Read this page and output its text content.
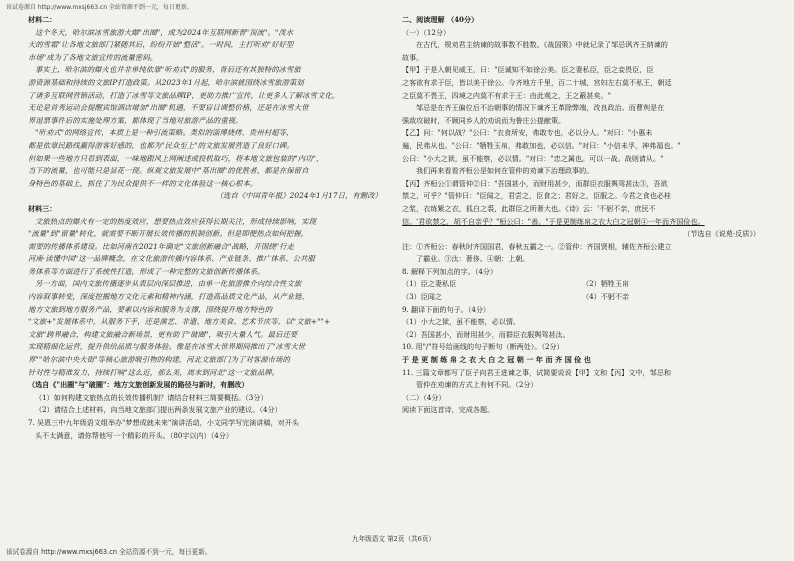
该试卷源自 http://www.mxsj663.cn 全站资源不到一元，每日更新。
材料二：
这个冬天，哈尔滨冰雪旅游大爆"出圈"，成为2024年互联网新晋"顶流"。"泼水
天的雪霜"让各地文旅部门紧随其后，纷纷开始"整活"。一时间，主打听劝"好好型
市场"成为了各地文旅宣传的流量密码。
事实上，哈尔滨的爆火也并非单纯依靠"听劝式"的服务，背后还有其独特的冰雪旅
游资源基础和持续的文旅IP打造政策。从2023年1月起，哈尔滨就围绕冰雪旅游策划
了诸多互联网营销活动，打造了冰雪等文旅品牌IP，更助力推广宣传，让更多人了解冰雪文化。
无论是首秀运动会提醒宾馆酒店增加"出圈"机遇，不要盲目调整价格，还是在冰雪大世
界退票事件后的实施处理方案，都体现了当地对旅游产品的重视。
"听劝式"的网络宣传，本质上是一种引流策略。类似的淄博烧烤、贵州村超等，
都是依靠民路线赢得游客好感的，也都为"民众至上"的文旅发展营造了良好口碑。
但如果一些地方只看到表面，一味地跟风上网阐述或投机取巧，将本地文旅包装的"内功"，
当下的流量，也可能只是昙花一现。纵观文旅发展中"基出圈"的优胜者，都是在保留自
身特色的基础上，抓住了为民众提供不一样的文化体验这一核心根本。
（选自《中国青年报》2024年1月17日，有删改）
材料三：
文旅热点的爆火有一定的热度效应，想要热点效应获得长期关注，形成持续影响，实现
"流量"到"留量"转化，就需要不断开展长效传播的机制创新。但是即便热点如何把握，
需要的传播体系建设。比如河南在2021年确定"文旅创新融合"战略，开围绕"行走
河南·读懂中国"这一品牌概念，在文化旅游传播内容体系、产业链条、推广体系、公共服
务体系等方面进行了系统性打造，形成了一种完整的文旅创新传播体系。
另一方面，国内文旅传播逐步从表层向深层推进，由单一化旅游推介向综合性文旅
内容叙事转变，深度挖掘地方文化元素和精神内涵，打造高品质文化产品，从产业链、
地方文旅到地方服务产品，要素以内容和服务为支撑，围绕提升地方特色的
"文旅+"发展体系中，从服务下手，还是演艺、非遗、地方美食、艺术节庆等，以"文旅+""+
文旅"跨界融合，构建文旅融合新场景，更有助于"破圈"，吸引大量人气。最后还要
实现精细化运营，提升供给品质与服务体验。像是在冰雪大世界期间推出了"冰雪大世
界""哈尔滨中央大街"等核心旅游吸引物的构建，河北文旅部门为了对客源市场的
针对性与精准发力，持续打响"这么近，那么美，周末到河北"这一文旅品牌。
（选自《"出圈"与"破圈"：地方文旅创新发展的路径与新时，有删改）
（1）如何构建文旅热点的长效传播机制？请结合材料三简要概括。（3分）
（2）请结合上述材料，向当地文旅部门提出两条发展文旅产业的建议。（4分）
7. 吴恩三中九年级语文组举办"梦想成就未来"演讲活动，小文同学写完演讲稿，对开头
头不太满意，请你帮他写一个精彩的开头。（80字以内）（4分）
二、阅读理解 （40分）
（一）（12分）
在古代，规劝君主纳谏的故事数不胜数。《战国策》中就记录了邹忌讽齐王纳谏的
故事。
【甲】于是入朝见威王，曰："臣诚知不如徐公美。臣之妻私臣，臣之妾畏臣，臣
之客欲有求于臣，皆以美于徐公。今齐地方千里，百二十城，宫妇左右莫不私王，朝廷
之臣莫不畏王，四境之内莫不有求于王：由此观之，王之蔽甚矣。"
邹忌是在齐王偏位后不治朝事的情况下谏齐王革除弊端，改良政治。而曹刿是在
强敌攻破时，不顾同乡人的劝说而为鲁庄公提献策。
【乙】问："何以战？"公曰："衣食所安，弗敢专也，必以分人。"对曰："小惠未
遍，民弗从也。"公曰："牺牲玉帛，弗敢加也，必以信。"对曰："小信未孚，神弗福也。"
公曰："小大之狱，虽不能察，必以情。"对曰："忠之属也。可以一战。战则请从。"
我们再来看看齐桓公是如何在管仲的劝谏下治理政事的。
【丙】齐桓公①谓管仲②曰："吾国甚小，而财用甚少，而群臣衣服舆驾甚汰③，吾欲
禁之，可乎？"管仲曰："臣闻之，君尝之，臣食之；君好之，臣服之。今君之食也必桂
之浆，衣练紫之衣，狐白之裘，此群臣之所奢大也。《诗》云：'不躬不亲，庶民不
信。'君欲禁之，胡不自亲乎？"桓公曰："善。"于是更制练帛之衣大白之冠朝④一年而齐国俭也。
（节选自《说苑·反质》）
注：①齐桓公：春秋时齐国国君，春秋五霸之一。②管仲：齐国贤相，辅佐齐桓公建立
了霸业。③汰：奢侈。④朝：上朝。
8. 解释下列加点的字。（4分）
（1）臣之妻私臣	（2）牺牲玉帛
（3）臣闻之	（4）不躬不亲
9. 翻译下面的句子。（4分）
（1）小大之狱，虽不能察，必以情。
（2）吾国甚小，而财用甚少，而群臣衣服舆驾甚汰。
10. 用"/"符号给画线的句子断句（断两处）。（2分）
于 是 更 制 练 帛 之 衣 大 白 之 冠 朝 一 年 而 齐 国 俭 也
11. 三篇文章都写了臣子向君王进谏之事，试简要说说【甲】文和【丙】文中，邹忌和
管仲在劝谏的方式上有何不同。（2分）
（二）（4分）
阅读下面这首诗，完成各题。
九年级语文 第2页（共6页）
该试卷源自 http://www.mxsj663.cn 全站资源不到一元，每日更新。
